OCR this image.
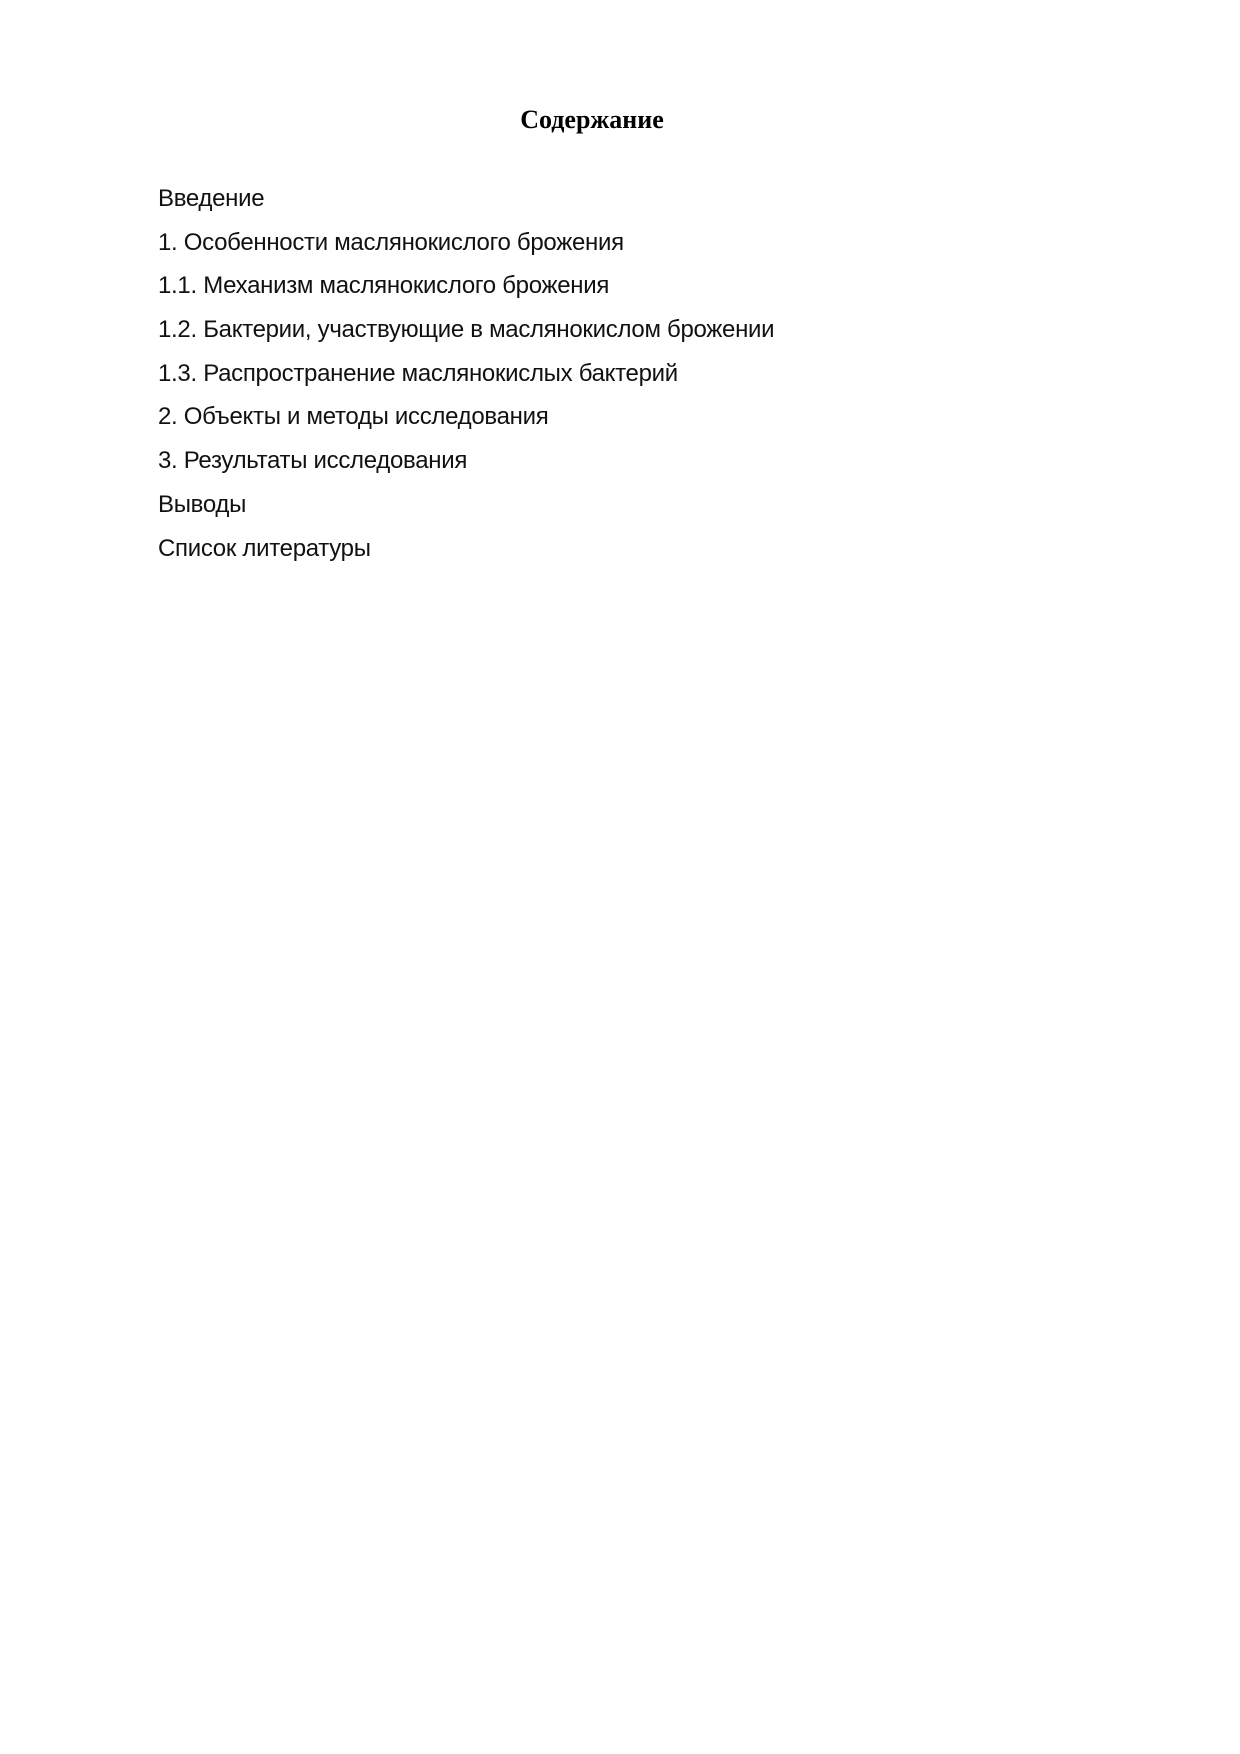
Содержание
Введение
1. Особенности маслянокислого брожения
1.1. Механизм маслянокислого брожения
1.2. Бактерии, участвующие в маслянокислом брожении
1.3. Распространение маслянокислых бактерий
2. Объекты и методы исследования
3. Результаты исследования
Выводы
Список литературы
